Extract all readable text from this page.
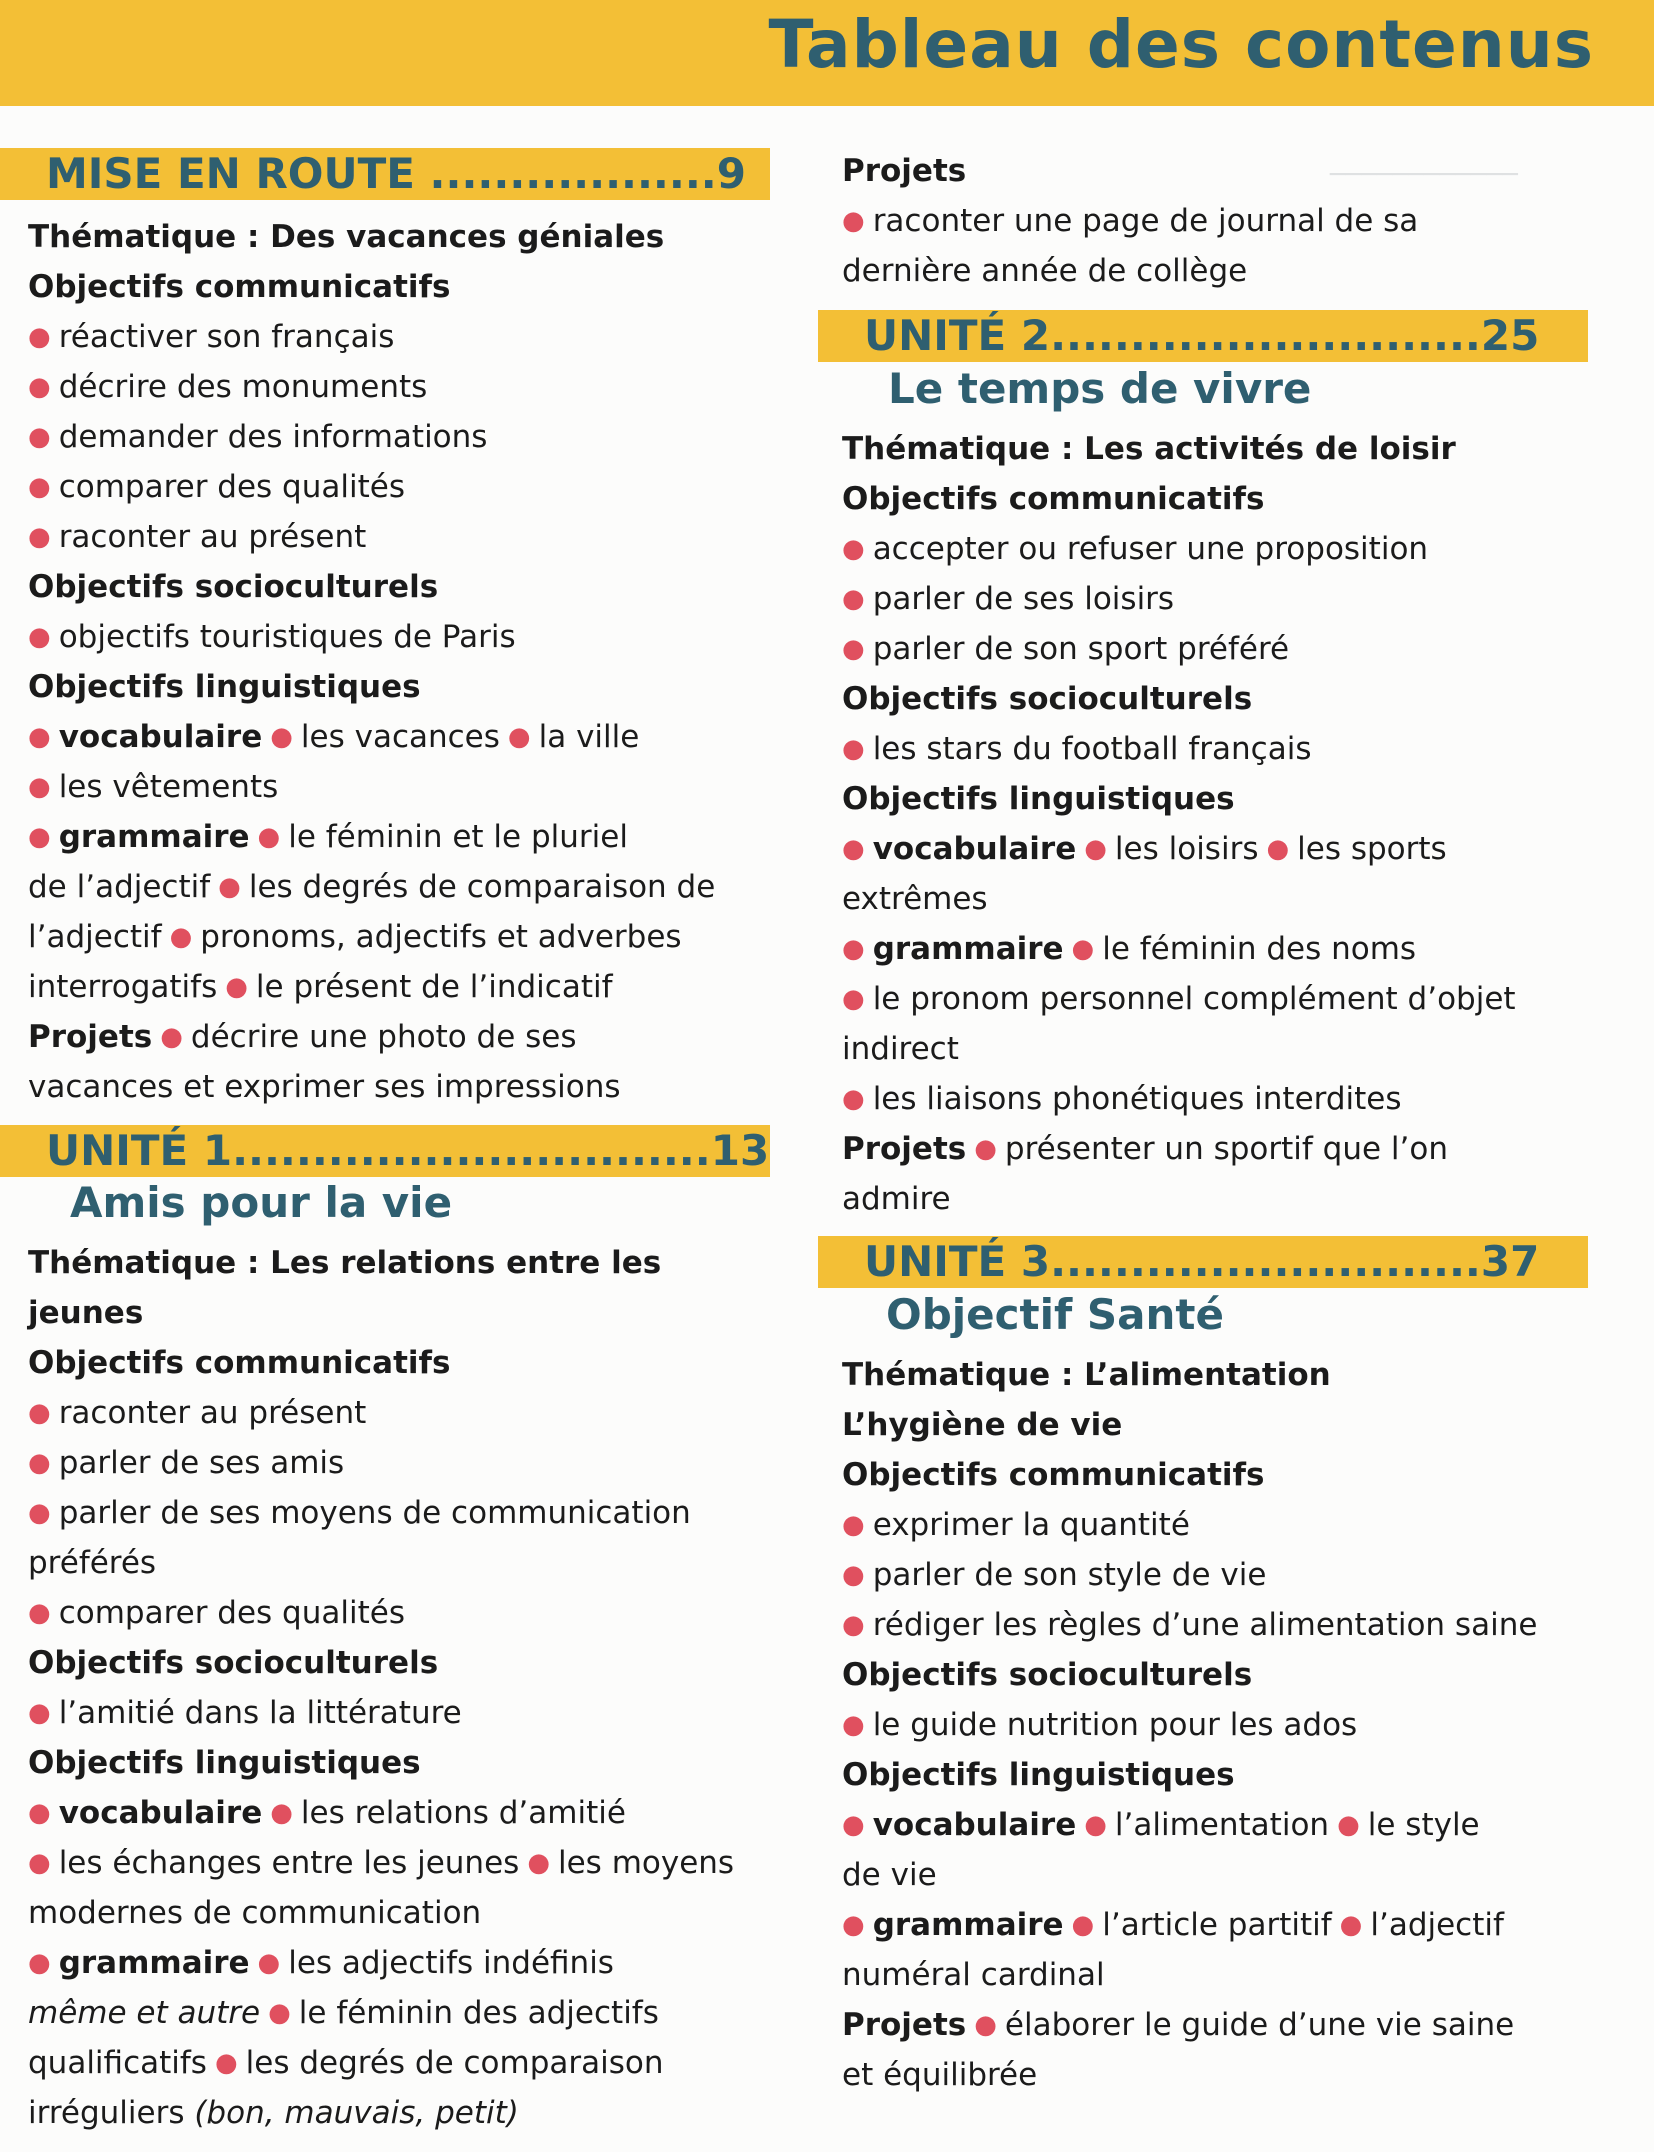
Tableau des contenus
────────────
MISE EN ROUTE ..................9
Thématique : Des vacances géniales
Objectifs communicatifs
● réactiver son français
● décrire des monuments
● demander des informations
● comparer des qualités
● raconter au présent
Objectifs socioculturels
● objectifs touristiques de Paris
Objectifs linguistiques
● vocabulaire ● les vacances ● la ville
● les vêtements
● grammaire ● le féminin et le pluriel
de l’adjectif ● les degrés de comparaison de
l’adjectif ● pronoms, adjectifs et adverbes
interrogatifs ● le présent de l’indicatif
Projets ● décrire une photo de ses
vacances et exprimer ses impressions
UNITÉ 1..............................13
Amis pour la vie
Thématique : Les relations entre les
jeunes
Objectifs communicatifs
● raconter au présent
● parler de ses amis
● parler de ses moyens de communication
préférés
● comparer des qualités
Objectifs socioculturels
● l’amitié dans la littérature
Objectifs linguistiques
● vocabulaire ● les relations d’amitié
● les échanges entre les jeunes ● les moyens
modernes de communication
● grammaire ● les adjectifs indéfinis
même et autre ● le féminin des adjectifs
qualificatifs ● les degrés de comparaison
irréguliers (bon, mauvais, petit)
Projets
● raconter une page de journal de sa
dernière année de collège
UNITÉ 2...........................25
Le temps de vivre
Thématique : Les activités de loisir
Objectifs communicatifs
● accepter ou refuser une proposition
● parler de ses loisirs
● parler de son sport préféré
Objectifs socioculturels
● les stars du football français
Objectifs linguistiques
● vocabulaire ● les loisirs ● les sports
extrêmes
● grammaire ● le féminin des noms
● le pronom personnel complément d’objet
indirect
● les liaisons phonétiques interdites
Projets ● présenter un sportif que l’on
admire
UNITÉ 3...........................37
Objectif Santé
Thématique : L’alimentation
L’hygiène de vie
Objectifs communicatifs
● exprimer la quantité
● parler de son style de vie
● rédiger les règles d’une alimentation saine
Objectifs socioculturels
● le guide nutrition pour les ados
Objectifs linguistiques
● vocabulaire ● l’alimentation ● le style
de vie
● grammaire ● l’article partitif ● l’adjectif
numéral cardinal
Projets ● élaborer le guide d’une vie saine
et équilibrée
